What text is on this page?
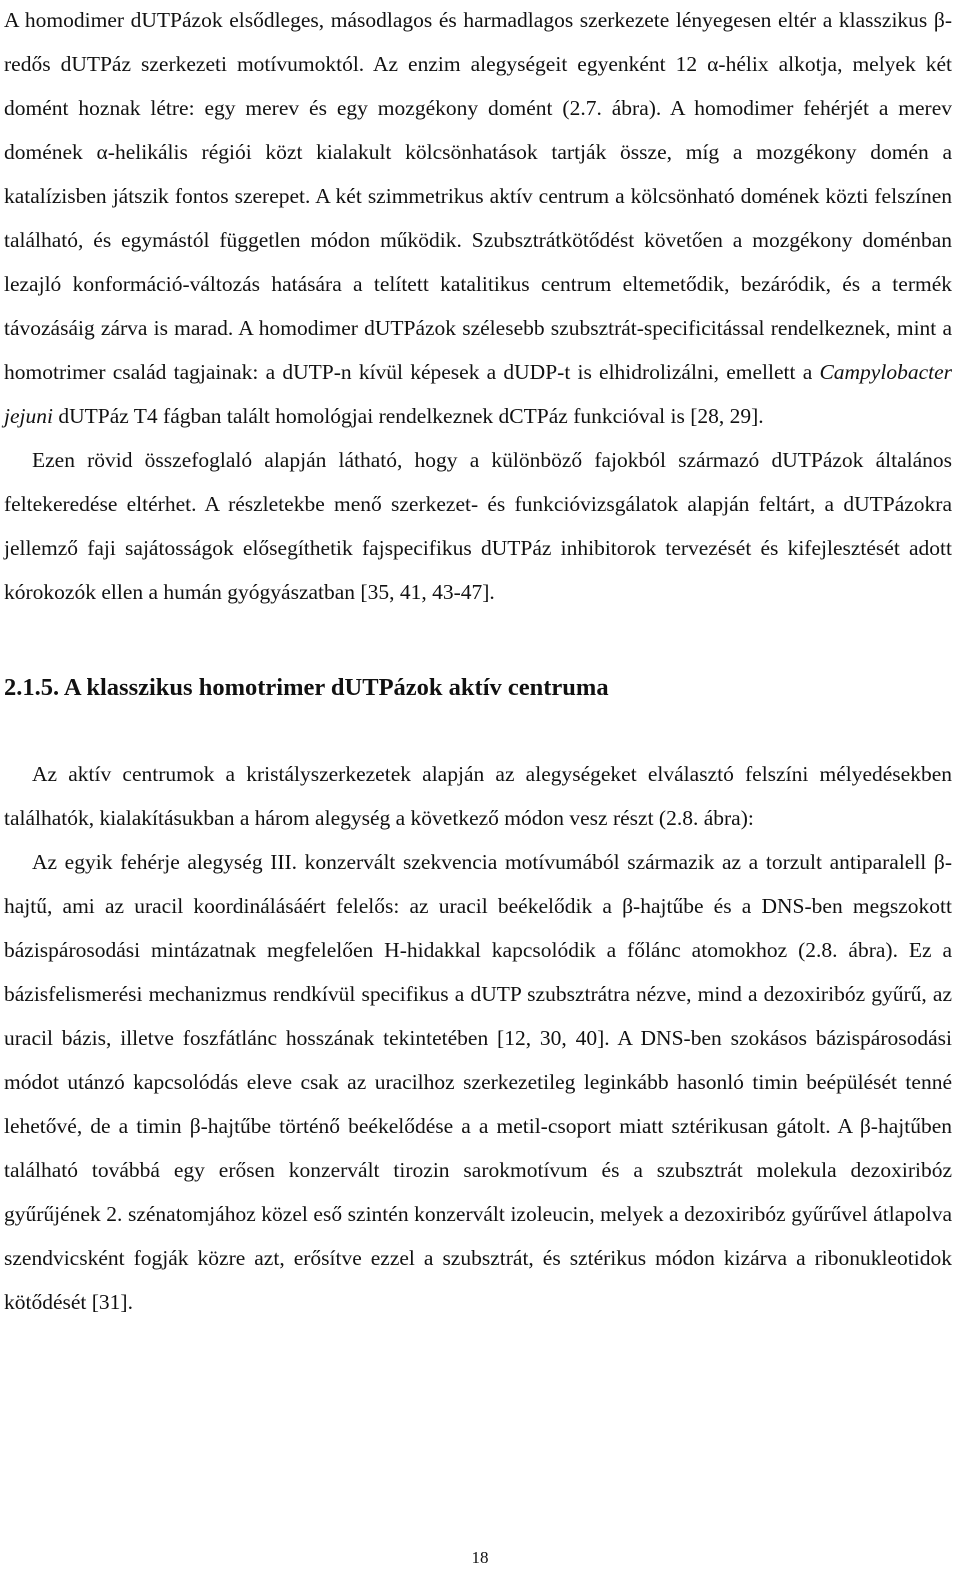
A homodimer dUTPázok elsődleges, másodlagos és harmadlagos szerkezete lényegesen eltér a klasszikus β-redős dUTPáz szerkezeti motívumoktól. Az enzim alegységeit egyenként 12 α-hélix alkotja, melyek két domént hoznak létre: egy merev és egy mozgékony domént (2.7. ábra). A homodimer fehérjét a merev domének α-helikális régiói közt kialakult kölcsönhatások tartják össze, míg a mozgékony domén a katalízisben játszik fontos szerepet. A két szimmetrikus aktív centrum a kölcsönható domének közti felszínen található, és egymástól független módon működik. Szubsztrátkötődést követően a mozgékony doménban lezajló konformáció-változás hatására a telített katalitikus centrum eltemetődik, bezáródik, és a termék távozásáig zárva is marad. A homodimer dUTPázok szélesebb szubsztrát-specificitással rendelkeznek, mint a homotrimer család tagjainak: a dUTP-n kívül képesek a dUDP-t is elhidrolizálni, emellett a Campylobacter jejuni dUTPáz T4 fágban talált homológjai rendelkeznek dCTPáz funkcióval is [28, 29].

Ezen rövid összefoglaló alapján látható, hogy a különböző fajokból származó dUTPázok általános feltekeredése eltérhet. A részletekbe menő szerkezet- és funkcióvizsgálatok alapján feltárt, a dUTPázokra jellemző faji sajátosságok elősegíthetik fajspecifikus dUTPáz inhibitorok tervezését és kifejlesztését adott kórokozók ellen a humán gyógyászatban [35, 41, 43-47].

2.1.5. A klasszikus homotrimer dUTPázok aktív centruma

Az aktív centrumok a kristályszerkezetek alapján az alegységeket elválasztó felszíni mélyedésekben találhatók, kialakításukban a három alegység a következő módon vesz részt (2.8. ábra):

Az egyik fehérje alegység III. konzervált szekvencia motívumából származik az a torzult antiparalell β-hajtű, ami az uracil koordinálásáért felelős: az uracil beékelődik a β-hajtűbe és a DNS-ben megszokott bázispárosodási mintázatnak megfelelően H-hidakkal kapcsolódik a főlánc atomokhoz (2.8. ábra). Ez a bázisfelismerési mechanizmus rendkívül specifikus a dUTP szubsztrátra nézve, mind a dezoxiribóz gyűrű, az uracil bázis, illetve foszfátlánc hosszának tekintetében [12, 30, 40]. A DNS-ben szokásos bázispárosodási módot utánzó kapcsolódás eleve csak az uracilhoz szerkezetileg leginkább hasonló timin beépülését tenné lehetővé, de a timin β-hajtűbe történő beékelődése a a metil-csoport miatt sztérikusan gátolt. A β-hajtűben található továbbá egy erősen konzervált tirozin sarokmotívum és a szubsztrát molekula dezoxiribóz gyűrűjének 2. szénatomjához közel eső szintén konzervált izoleucin, melyek a dezoxiribóz gyűrűvel átlapolva szendvicsként fogják közre azt, erősítve ezzel a szubsztrát, és sztérikus módon kizárva a ribonukleotidok kötődését [31].

18
